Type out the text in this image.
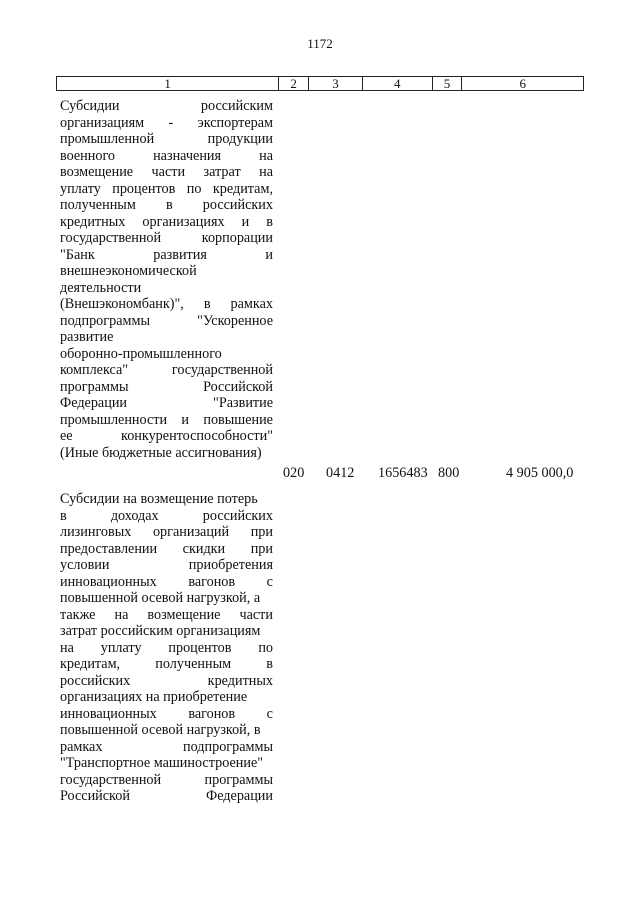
1172
1	2	3	4	5	6
Субсидии	российским
организациям - экспортерам
промышленной	продукции
военного	назначения	на
возмещение части затрат на
уплату процентов по кредитам,
полученным в российских
кредитных организациях и в
государственной	корпорации
"Банк	развития	и
внешнеэкономической
деятельности
(Внешэкономбанк)", в рамках
подпрограммы	"Ускоренное
развитие
оборонно-промышленного
комплекса"	государственной
программы	Российской
Федерации	"Развитие
промышленности и повышение
ее	конкурентоспособности"
(Иные бюджетные ассигнования)
020 0412 1656483 800	4 905 000,0
Субсидии на возмещение потерь
в	доходах	российских
лизинговых организаций при
предоставлении скидки при
условии	приобретения
инновационных вагонов с
повышенной осевой нагрузкой, а
также на возмещение части
затрат российским организациям
на уплату процентов по
кредитам, полученным в
российских	кредитных
организациях на приобретение
инновационных вагонов с
повышенной осевой нагрузкой, в
рамках	подпрограммы
"Транспортное машиностроение"
государственной	программы
Российской	Федерации
